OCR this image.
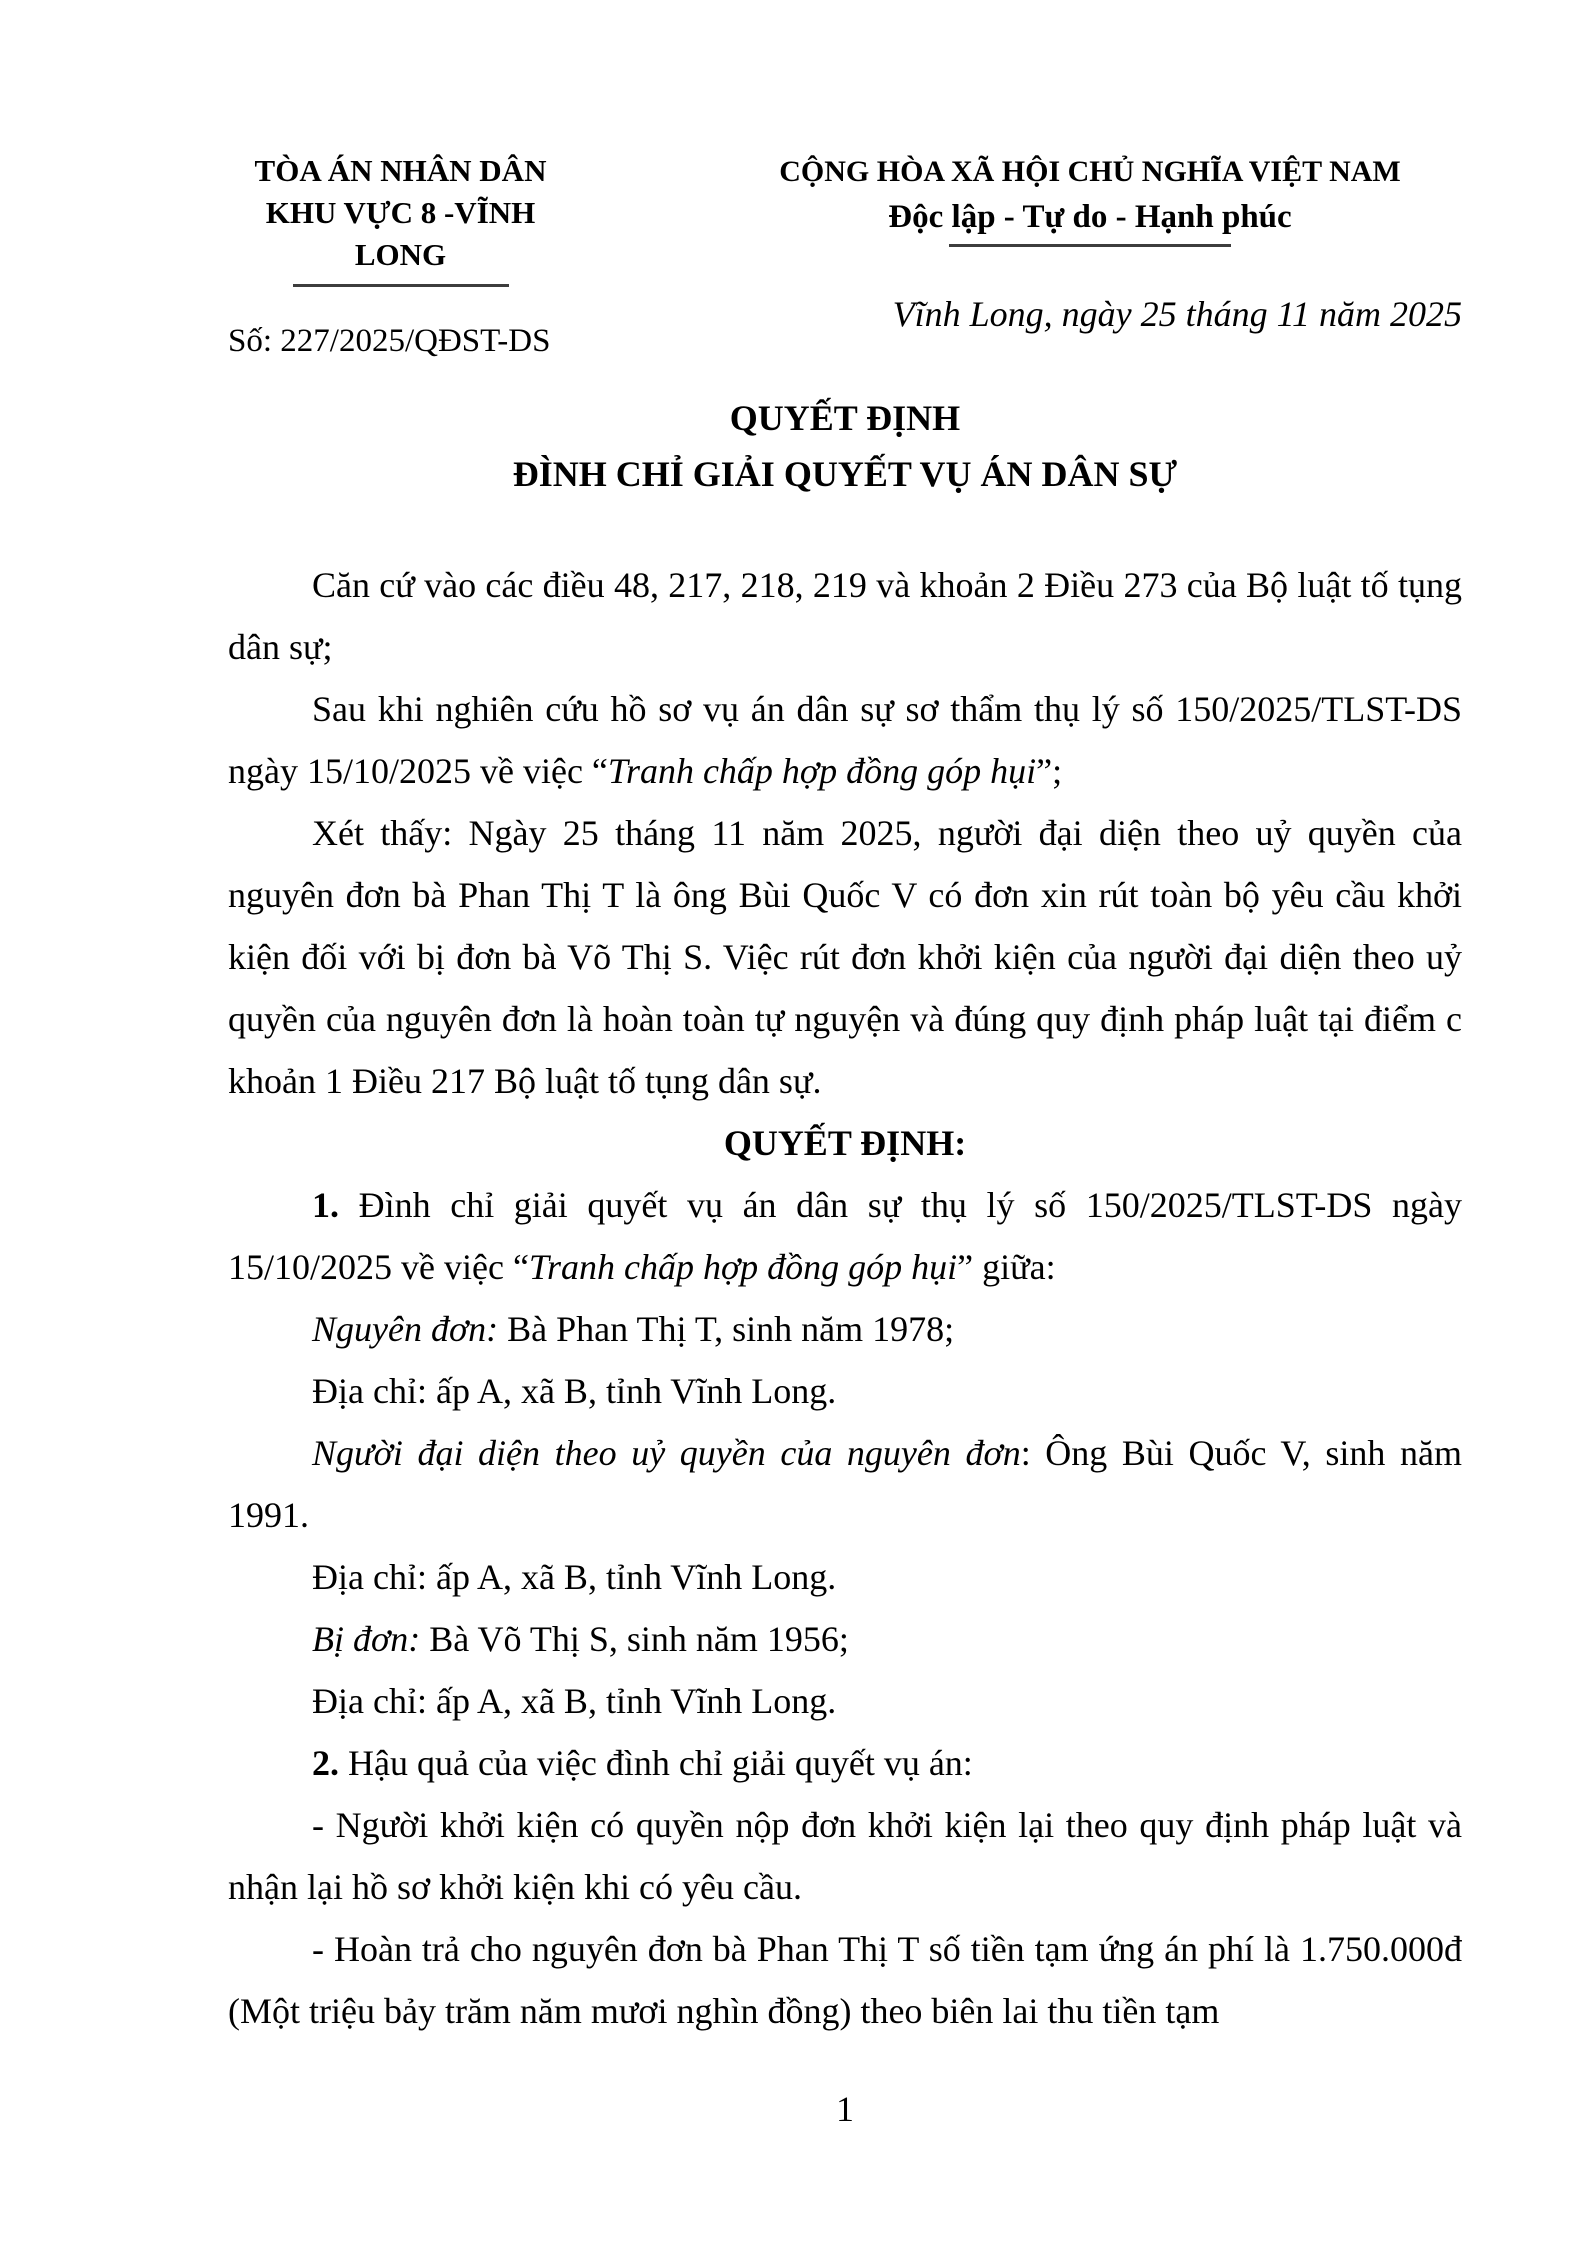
TÒA ÁN NHÂN DÂN
KHU VỰC 8 -VĨNH
LONG
Số: 227/2025/QĐST-DS
CỘNG HÒA XÃ HỘI CHỦ NGHĨA VIỆT NAM
Độc lập - Tự do - Hạnh phúc
Vĩnh Long, ngày 25 tháng 11 năm 2025
QUYẾT ĐỊNH
ĐÌNH CHỈ GIẢI QUYẾT VỤ ÁN DÂN SỰ

Căn cứ vào các điều 48, 217, 218, 219 và khoản 2 Điều 273 của Bộ luật tố tụng dân sự;

Sau khi nghiên cứu hồ sơ vụ án dân sự sơ thẩm thụ lý số 150/2025/TLST-DS ngày 15/10/2025 về việc “Tranh chấp hợp đồng góp hụi”;

Xét thấy: Ngày 25 tháng 11 năm 2025, người đại diện theo uỷ quyền của nguyên đơn bà Phan Thị T là ông Bùi Quốc V có đơn xin rút toàn bộ yêu cầu khởi kiện đối với bị đơn bà Võ Thị S. Việc rút đơn khởi kiện của người đại diện theo uỷ quyền của nguyên đơn là hoàn toàn tự nguyện và đúng quy định pháp luật tại điểm c khoản 1 Điều 217 Bộ luật tố tụng dân sự.

QUYẾT ĐỊNH:

1. Đình chỉ giải quyết vụ án dân sự thụ lý số 150/2025/TLST-DS ngày 15/10/2025 về việc “Tranh chấp hợp đồng góp hụi” giữa:

Nguyên đơn: Bà Phan Thị T, sinh năm 1978;

Địa chỉ: ấp A, xã B, tỉnh Vĩnh Long.

Người đại diện theo uỷ quyền của nguyên đơn: Ông Bùi Quốc V, sinh năm 1991.

Địa chỉ: ấp A, xã B, tỉnh Vĩnh Long.

Bị đơn: Bà Võ Thị S, sinh năm 1956;

Địa chỉ: ấp A, xã B, tỉnh Vĩnh Long.

2. Hậu quả của việc đình chỉ giải quyết vụ án:

- Người khởi kiện có quyền nộp đơn khởi kiện lại theo quy định pháp luật và nhận lại hồ sơ khởi kiện khi có yêu cầu.

- Hoàn trả cho nguyên đơn bà Phan Thị T số tiền tạm ứng án phí là 1.750.000đ (Một triệu bảy trăm năm mươi nghìn đồng) theo biên lai thu tiền tạm

1
